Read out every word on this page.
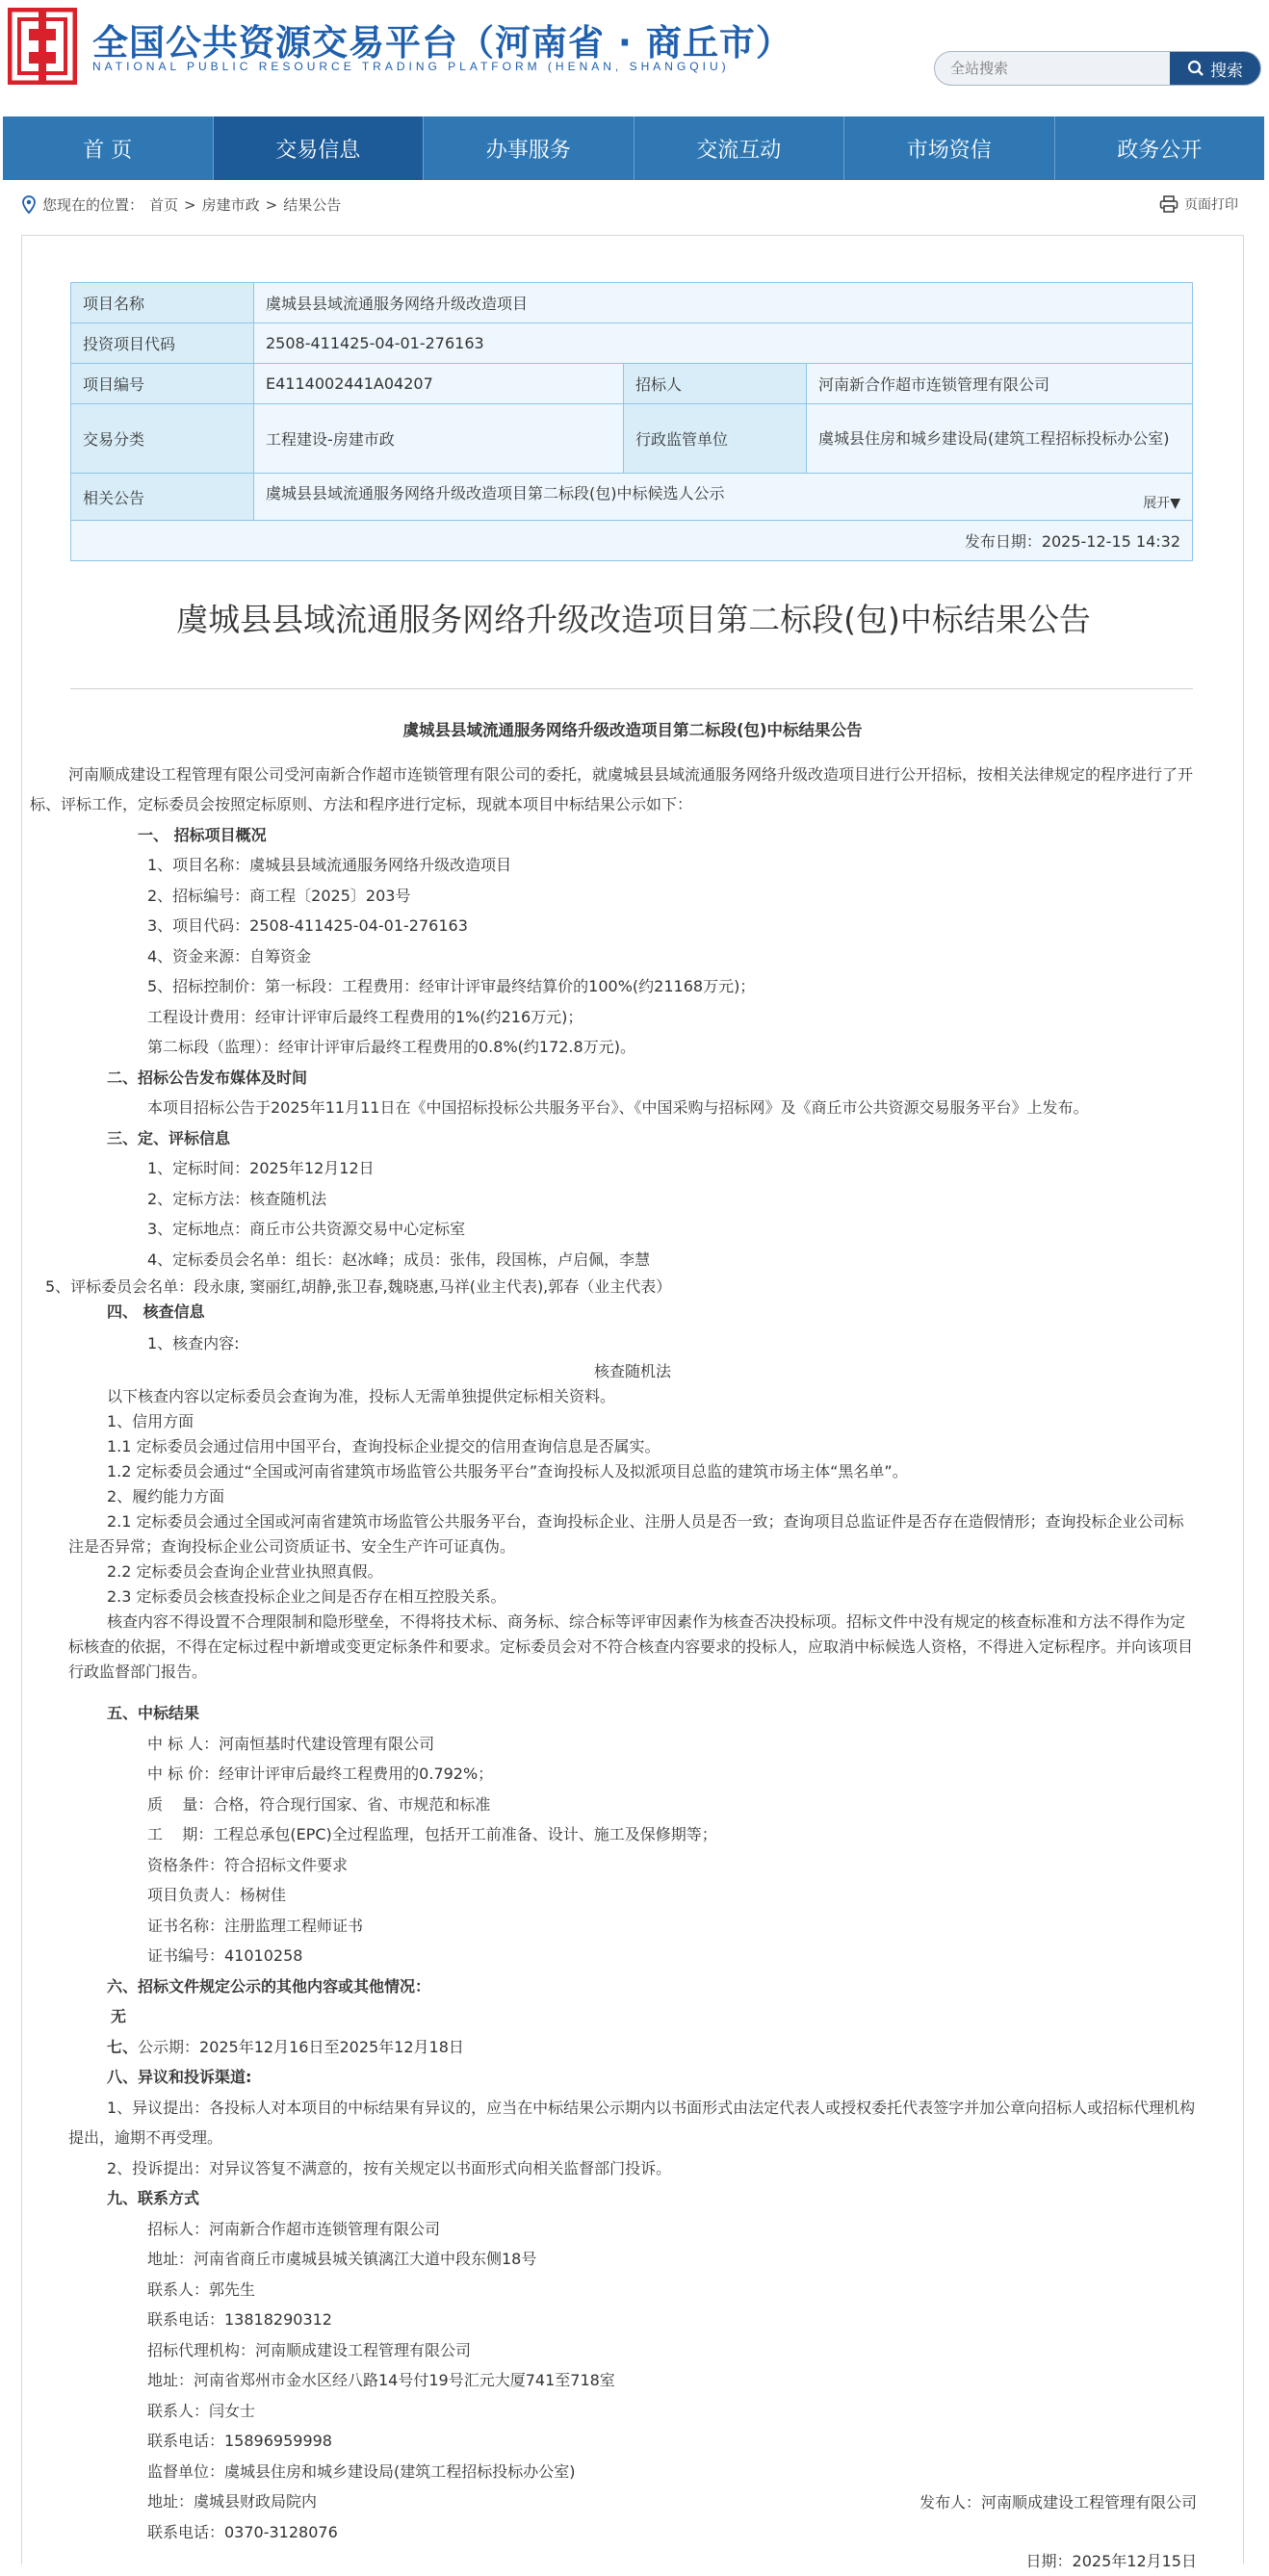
全国公共资源交易平台（河南省 · 商丘市）
NATIONAL PUBLIC RESOURCE TRADING PLATFORM (HENAN, SHANGQIU)
全站搜索	搜索
首 页	交易信息	办事服务	交流互动	市场资信	政务公开
您现在的位置： 首页 > 房建市政 > 结果公告	页面打印
项目名称	虞城县县域流通服务网络升级改造项目		
投资项目代码	2508-411425-04-01-276163		
项目编号	E4114002441A04207	招标人	河南新合作超市连锁管理有限公司
交易分类	工程建设-房建市政	行政监管单位	虞城县住房和城乡建设局(建筑工程招标投标办公室)
相关公告	虞城县县域流通服务网络升级改造项目第二标段(包)中标候选人公示
展开▼		

发布日期：2025-12-15 14:32			
虞城县县域流通服务网络升级改造项目第二标段(包)中标结果公告
虞城县县域流通服务网络升级改造项目第二标段(包)中标结果公告

河南顺成建设工程管理有限公司受河南新合作超市连锁管理有限公司的委托，就虞城县县域流通服务网络升级改造项目进行公开招标，按相关法律规定的程序进行了开标、评标工作，定标委员会按照定标原则、方法和程序进行定标，现就本项目中标结果公示如下：

一、 招标项目概况

1、项目名称：虞城县县域流通服务网络升级改造项目

2、招标编号：商工程〔2025〕203号

3、项目代码：2508-411425-04-01-276163

4、资金来源：自筹资金

5、招标控制价：第一标段：工程费用：经审计评审最终结算价的100%(约21168万元)；

工程设计费用：经审计评审后最终工程费用的1%(约216万元)；

第二标段（监理）：经审计评审后最终工程费用的0.8%(约172.8万元)。

二、招标公告发布媒体及时间

本项目招标公告于2025年11月11日在《中国招标投标公共服务平台》、《中国采购与招标网》及《商丘市公共资源交易服务平台》上发布。

三、定、评标信息

1、定标时间：2025年12月12日

2、定标方法：核查随机法

3、定标地点：商丘市公共资源交易中心定标室

4、定标委员会名单：组长：赵冰峰；成员：张伟，段国栋，卢启佩，李慧

5、评标委员会名单：段永康, 窦丽红,胡静,张卫春,魏晓惠,马祥(业主代表),郭春（业主代表）

四、 核查信息

1、核查内容:

核查随机法

以下核查内容以定标委员会查询为准，投标人无需单独提供定标相关资料。

1、信用方面

1.1 定标委员会通过信用中国平台，查询投标企业提交的信用查询信息是否属实。

1.2 定标委员会通过“全国或河南省建筑市场监管公共服务平台”查询投标人及拟派项目总监的建筑市场主体“黑名单”。

2、履约能力方面

2.1 定标委员会通过全国或河南省建筑市场监管公共服务平台，查询投标企业、注册人员是否一致；查询项目总监证件是否存在造假情形；查询投标企业公司标注是否异常；查询投标企业公司资质证书、安全生产许可证真伪。

2.2 定标委员会查询企业营业执照真假。

2.3 定标委员会核查投标企业之间是否存在相互控股关系。

核查内容不得设置不合理限制和隐形壁垒，不得将技术标、商务标、综合标等评审因素作为核查否决投标项。招标文件中没有规定的核查标准和方法不得作为定标核查的依据，不得在定标过程中新增或变更定标条件和要求。定标委员会对不符合核查内容要求的投标人，应取消中标候选人资格，不得进入定标程序。并向该项目行政监督部门报告。

五、中标结果

中 标 人：河南恒基时代建设管理有限公司

中 标 价：经审计评审后最终工程费用的0.792%；

质    量：合格，符合现行国家、省、市规范和标准

工    期：工程总承包(EPC)全过程监理，包括开工前准备、设计、施工及保修期等；

资格条件：符合招标文件要求

项目负责人：杨树佳

证书名称：注册监理工程师证书

证书编号：41010258

六、招标文件规定公示的其他内容或其他情况：

无

七、公示期：2025年12月16日至2025年12月18日

八、异议和投诉渠道:

1、异议提出：各投标人对本项目的中标结果有异议的，应当在中标结果公示期内以书面形式由法定代表人或授权委托代表签字并加公章向招标人或招标代理机构提出，逾期不再受理。

2、投诉提出：对异议答复不满意的，按有关规定以书面形式向相关监督部门投诉。

九、联系方式

招标人：河南新合作超市连锁管理有限公司

地址：河南省商丘市虞城县城关镇漓江大道中段东侧18号

联系人：郭先生

联系电话：13818290312

招标代理机构：河南顺成建设工程管理有限公司

地址：河南省郑州市金水区经八路14号付19号汇元大厦741至718室

联系人：闫女士

联系电话：15896959998

监督单位：虞城县住房和城乡建设局(建筑工程招标投标办公室)

地址：虞城县财政局院内

联系电话：0370-3128076

发布人：河南顺成建设工程管理有限公司
日期：2025年12月15日
